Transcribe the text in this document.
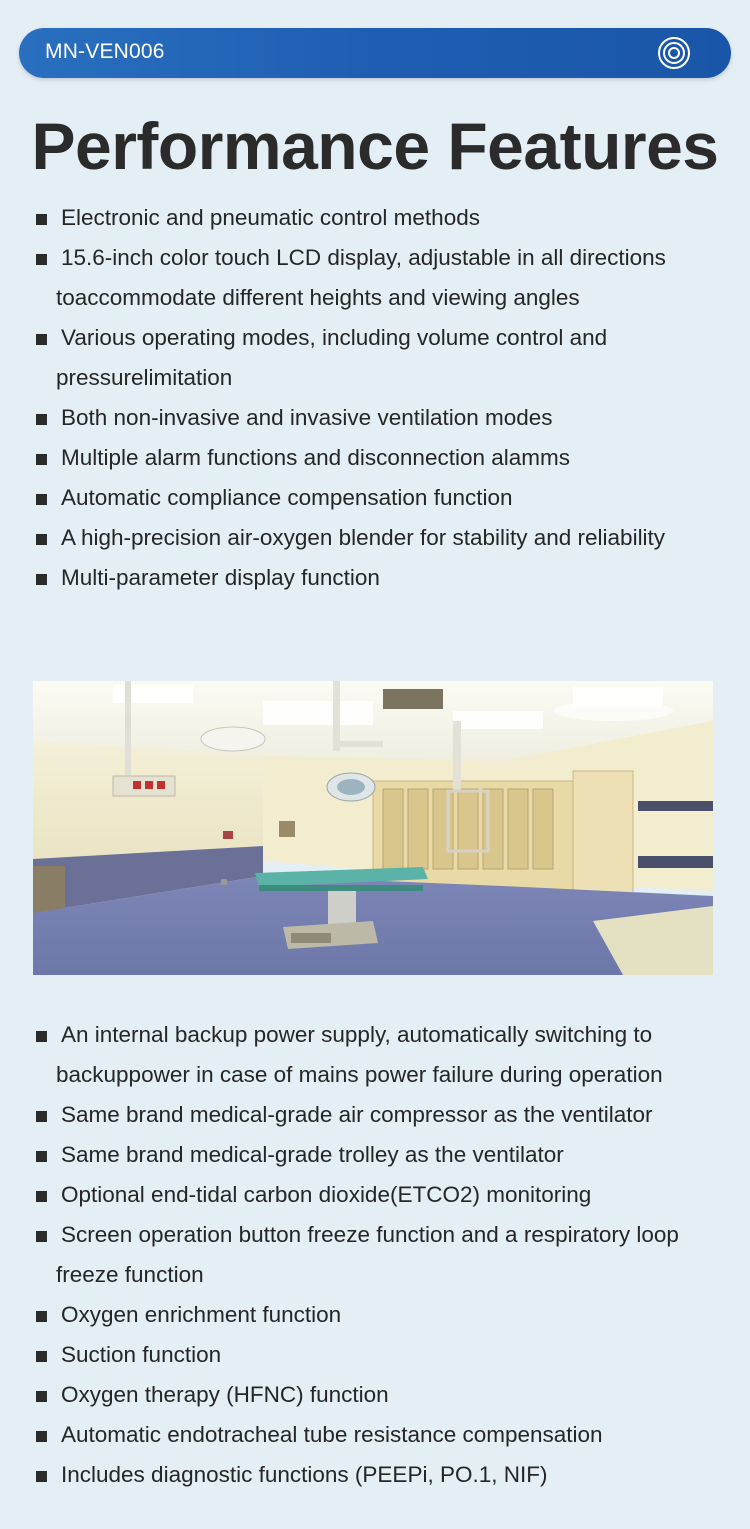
MN-VEN006
Performance Features
Electronic and pneumatic control methods
15.6-inch color touch LCD display, adjustable in all directions toaccommodate different heights and viewing angles
Various operating modes, including volume control and pressurelimitation
Both non-invasive and invasive ventilation modes
Multiple alarm functions and disconnection alamms
Automatic compliance compensation function
A high-precision air-oxygen blender for stability and reliability
Multi-parameter display function
An internal backup power supply, automatically switching to backuppower in case of mains power failure during operation
Same brand medical-grade air compressor as the ventilator
Same brand medical-grade trolley as the ventilator
Optional end-tidal carbon dioxide(ETCO2) monitoring
Screen operation button freeze function and a respiratory loop freeze function
Oxygen enrichment function
Suction function
Oxygen therapy (HFNC) function
Automatic endotracheal tube resistance compensation
Includes diagnostic functions (PEEPi, PO.1, NIF)
